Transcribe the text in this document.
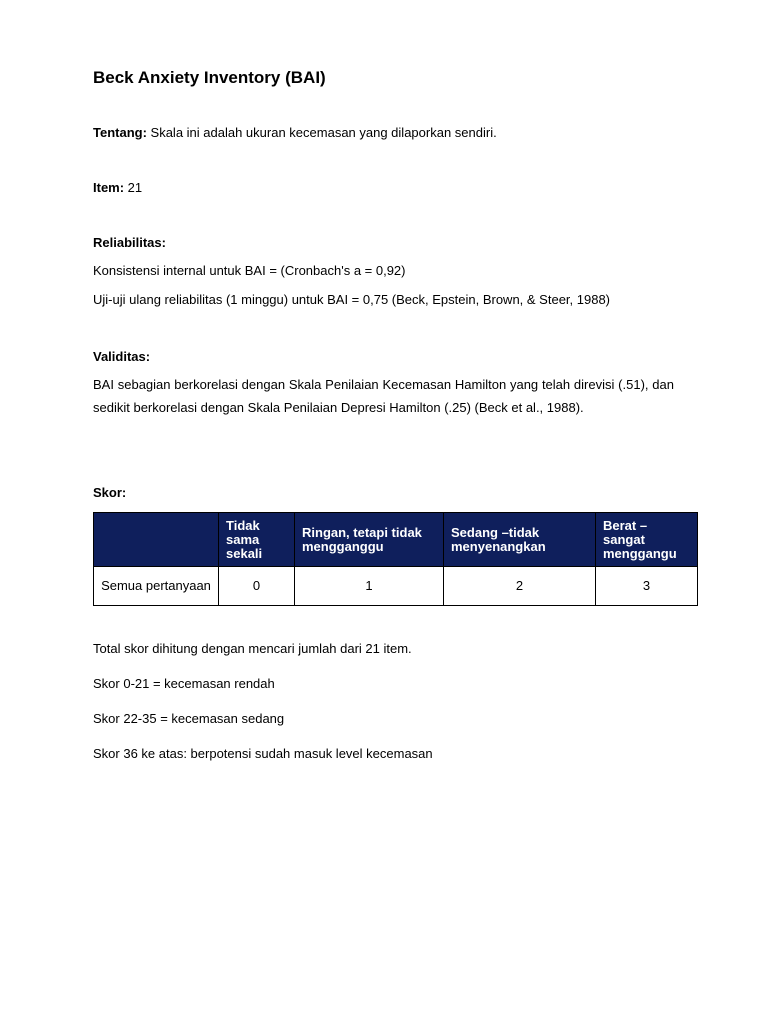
Beck Anxiety Inventory (BAI)

Tentang: Skala ini adalah ukuran kecemasan yang dilaporkan sendiri.

Item: 21

Reliabilitas:

Konsistensi internal untuk BAI = (Cronbach's a = 0,92)

Uji-uji ulang reliabilitas (1 minggu) untuk BAI = 0,75 (Beck, Epstein, Brown, & Steer, 1988)

Validitas:

BAI sebagian berkorelasi dengan Skala Penilaian Kecemasan Hamilton yang telah direvisi (.51), dan sedikit berkorelasi dengan Skala Penilaian Depresi Hamilton (.25) (Beck et al., 1988).

Skor:

	Tidak sama sekali	Ringan, tetapi tidak mengganggu	Sedang –tidak menyenangkan	Berat – sangat menggangu
Semua pertanyaan	0	1	2	3

Total skor dihitung dengan mencari jumlah dari 21 item.

Skor 0-21 = kecemasan rendah

Skor 22-35 = kecemasan sedang

Skor 36 ke atas: berpotensi sudah masuk level kecemasan
